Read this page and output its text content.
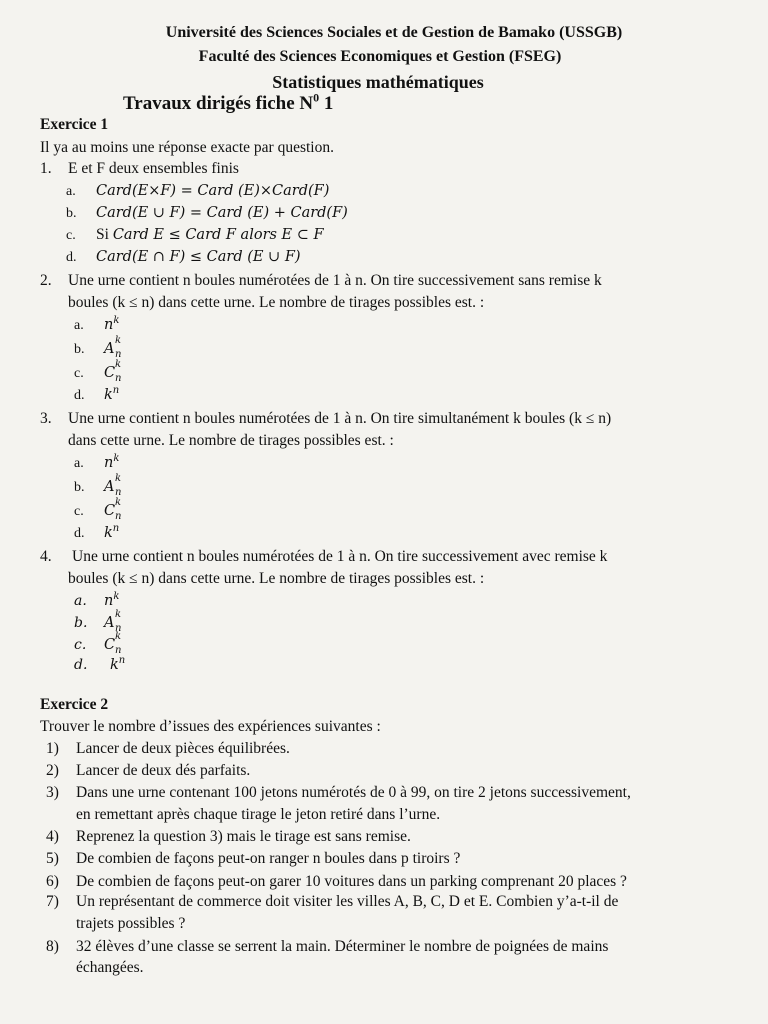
Université des Sciences Sociales et de Gestion de Bamako (USSGB)
Faculté des Sciences Economiques et Gestion (FSEG)
Statistiques mathématiques
Travaux dirigés fiche $N^0$ 1
Exercice 1
Il ya au moins une réponse exacte par question.
1. E et F deux ensembles finis
a. Card(E×F) = Card (E)×Card(F)
b. Card(E ∪ F) = Card (E) + Card(F)
c. Si Card E ≤ Card F alors E ⊂ F
d. Card(E ∩ F) ≤ Card (E ∪ F)
2. Une urne contient n boules numérotées de 1 à n. On tire successivement sans remise k
boules (k ≤ n) dans cette urne. Le nombre de tirages possibles est. :
a. $n^k$
b. A
k
n
c. C
k
n
d. $k^n$
3. Une urne contient n boules numérotées de 1 à n. On tire simultanément k boules (k ≤ n)
dans cette urne. Le nombre de tirages possibles est. :
a. $n^k$
b. A
k
n
c. C
k
n
d. $k^n$
4. Une urne contient n boules numérotées de 1 à n. On tire successivement avec remise k
boules (k ≤ n) dans cette urne. Le nombre de tirages possibles est. :
a. $n^k$
b. A
k
n
c. C
k
n
d. $k^n$
Exercice 2
Trouver le nombre d’issues des expériences suivantes :
1) Lancer de deux pièces équilibrées.
2) Lancer de deux dés parfaits.
3) Dans une urne contenant 100 jetons numérotés de 0 à 99, on tire 2 jetons successivement,
en remettant après chaque tirage le jeton retiré dans l’urne.
4) Reprenez la question 3) mais le tirage est sans remise.
5) De combien de façons peut-on ranger n boules dans p tiroirs ?
6) De combien de façons peut-on garer 10 voitures dans un parking comprenant 20 places ?
7) Un représentant de commerce doit visiter les villes A, B, C, D et E. Combien y’a-t-il de
trajets possibles ?
8) 32 élèves d’une classe se serrent la main. Déterminer le nombre de poignées de mains
échangées.
